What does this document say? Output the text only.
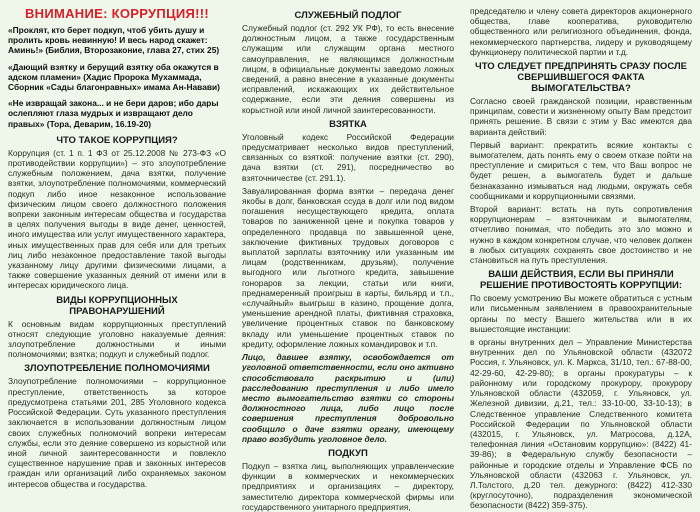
ВНИМАНИЕ: КОРРУПЦИЯ!!!

«Проклят, кто берет подкуп, чтоб убить душу и пролить кровь невинную! И весь народ скажет: Аминь!» (Библия, Второзаконие, глава 27, стих 25)

«Дающий взятку и берущий взятку оба окажутся в адском пламени» (Хадис Пророка Мухаммада, Сборник «Сады благонравных» имама Ан-Навави)

«Не извращай закона... и не бери даров; ибо дары ослепляют глаза мудрых и извращают дело правых» (Тора, Деварим, 16.19-20)

ЧТО ТАКОЕ КОРРУПЦИЯ?

Коррупция (ст. 1 п. 1 ФЗ от 25.12.2008 № 273-ФЗ «О противодействии коррупции») – это злоупотребление служебным положением, дача взятки, получение взятки, злоупотребление полномочиями, коммерческий подкуп либо иное незаконное использование физическим лицом своего должностного положения вопреки законным интересам общества и государства в целях получения выгоды в виде денег, ценностей, иного имущества или услуг имущественного характера, иных имущественных прав для себя или для третьих лиц либо незаконное предоставление такой выгоды указанному лицу другими физическими лицами, а также совершение указанных деяний от имени или в интересах юридического лица.

ВИДЫ КОРРУПЦИОННЫХ ПРАВОНАРУШЕНИЙ

К основным видам коррупционных преступлений относят следующие уголовно наказуемые деяния: злоупотребление должностными и иными полномочиями; взятка; подкуп и служебный подлог.

ЗЛОУПОТРЕБЛЕНИЕ ПОЛНОМОЧИЯМИ

Злоупотребление полномочиями – коррупционное преступление, ответственность за которое предусмотрена статьями 201, 285 Уголовного кодекса Российской Федерации. Суть указанного преступления заключается в использовании должностным лицом своих служебных полномочий вопреки интересам службы, если это деяние совершено из корыстной или иной личной заинтересованности и повлекло существенное нарушение прав и законных интересов граждан или организаций либо охраняемых законом интересов общества и государства.

СЛУЖЕБНЫЙ ПОДЛОГ

Служебный подлог (ст. 292 УК РФ), то есть внесение должностным лицом, а также государственным служащим или служащим органа местного самоуправления, не являющимся должностным лицом, в официальные документы заведомо ложных сведений, а равно внесение в указанные документы исправлений, искажающих их действительное содержание, если эти деяния совершены из корыстной или иной личной заинтересованности.

ВЗЯТКА

Уголовный кодекс Российской Федерации предусматривает несколько видов преступлений, связанных со взяткой: получение взятки (ст. 290), дача взятки (ст. 291), посредничество во взяточничестве (ст. 291.1).

Завуалированная форма взятки – передача денег якобы в долг, банковская ссуда в долг или под видом погашения несуществующего кредита, оплата товаров по заниженной цене и покупка товаров у определенного продавца по завышенной цене, заключение фиктивных трудовых договоров с выплатой зарплаты взяточнику или указанным им лицам (родственникам, друзьям), получение выгодного или льготного кредита, завышение гонораров за лекции, статьи или книги, преднамеренный проигрыш в карты, бильярд и т.п., «случайный» выигрыш в казино, прощение долга, уменьшение арендной платы, фиктивная страховка, увеличение процентных ставок по банковскому вкладу или уменьшение процентных ставок по кредиту, оформление ложных командировок и т.п.

Лицо, давшее взятку, освобождается от уголовной ответственности, если оно активно способствовало раскрытию и (или) расследованию преступления и либо имело место вымогательство взятки со стороны должностного лица, либо лицо после совершения преступления добровольно сообщило о даче взятки органу, имеющему право возбудить уголовное дело.

ПОДКУП

Подкуп – взятка лиц, выполняющих управленческие функции в коммерческих и некоммерческих предприятиях и организациях – директору, заместителю директора коммерческой фирмы или государственного унитарного предприятия,

председателю и члену совета директоров акционерного общества, главе кооператива, руководителю общественного или религиозного объединения, фонда, некоммерческого партнерства, лидеру и руководящему функционеру политической партии и т.д.

ЧТО СЛЕДУЕТ ПРЕДПРИНЯТЬ СРАЗУ ПОСЛЕ СВЕРШИВШЕГОСЯ ФАКТА ВЫМОГАТЕЛЬСТВА?

Согласно своей гражданской позиции, нравственным принципам, совести и жизненному опыту Вам предстоит принять решение. В связи с этим у Вас имеются два варианта действий:

Первый вариант: прекратить всякие контакты с вымогателем, дать понять ему о своем отказе пойти на преступление и смириться с тем, что Ваш вопрос не будет решен, а вымогатель будет и дальше безнаказанно измываться над людьми, окружать себя сообщниками и коррупционными связями.

Второй вариант: встать на путь сопротивления коррупционерам – взяточникам и вымогателям, отчетливо понимая, что победить это зло можно и нужно в каждом конкретном случае, что человек должен в любых ситуациях сохранять свое достоинство и не становиться на путь преступления.

ВАШИ ДЕЙСТВИЯ, ЕСЛИ ВЫ ПРИНЯЛИ РЕШЕНИЕ ПРОТИВОСТОЯТЬ КОРРУПЦИИ:

По своему усмотрению Вы можете обратиться с устным или письменным заявлением в правоохранительные органы по месту Вашего жительства или в их вышестоящие инстанции:

в органы внутренних дел – Управление Министерства внутренних дел по Ульяновской области (432072 Россия, г. Ульяновск, ул. К. Маркса, 31/10, тел.: 67-88-00, 42-29-60, 42-29-80); в органы прокуратуры – к районному или городскому прокурору, прокурору Ульяновской области (432059, г. Ульяновск, ул. Железной дивизии, д.21, тел.: 33-10-00, 33-10-13); в Следственное управление Следственного комитета Российской Федерации по Ульяновской области (432015, г. Ульяновск, ул. Матросова, д.12А, телефонная линия «Остановим коррупцию»: (8422) 41-39-86); в Федеральную службу безопасности – районные и городские отделы и Управление ФСБ по Ульяновской области (432063 г. Ульяновск, ул. Л.Толстого, д.20 тел. дежурного: (8422) 412-330 (круглосуточно), подразделения экономической безопасности (8422) 359-375).
